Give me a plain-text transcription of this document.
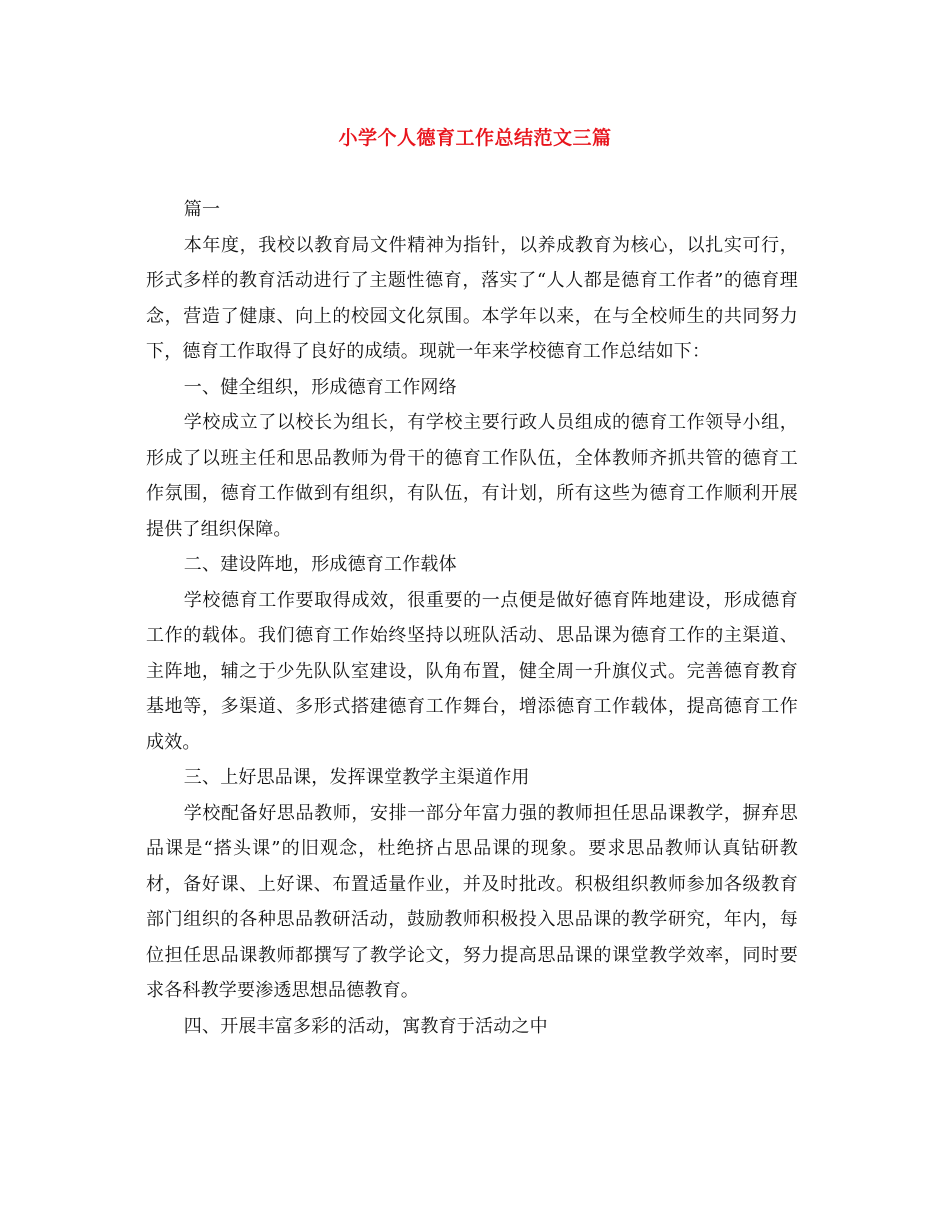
小学个人德育工作总结范文三篇

篇一

本年度，我校以教育局文件精神为指针，以养成教育为核心，以扎实可行，形式多样的教育活动进行了主题性德育，落实了“人人都是德育工作者”的德育理念，营造了健康、向上的校园文化氛围。本学年以来，在与全校师生的共同努力下，德育工作取得了良好的成绩。现就一年来学校德育工作总结如下：

一、健全组织，形成德育工作网络

学校成立了以校长为组长，有学校主要行政人员组成的德育工作领导小组，形成了以班主任和思品教师为骨干的德育工作队伍，全体教师齐抓共管的德育工作氛围，德育工作做到有组织，有队伍，有计划，所有这些为德育工作顺利开展提供了组织保障。

二、建设阵地，形成德育工作载体

学校德育工作要取得成效，很重要的一点便是做好德育阵地建设，形成德育工作的载体。我们德育工作始终坚持以班队活动、思品课为德育工作的主渠道、主阵地，辅之于少先队队室建设，队角布置，健全周一升旗仪式。完善德育教育基地等，多渠道、多形式搭建德育工作舞台，增添德育工作载体，提高德育工作成效。

三、上好思品课，发挥课堂教学主渠道作用

学校配备好思品教师，安排一部分年富力强的教师担任思品课教学，摒弃思品课是“搭头课”的旧观念，杜绝挤占思品课的现象。要求思品教师认真钻研教材，备好课、上好课、布置适量作业，并及时批改。积极组织教师参加各级教育部门组织的各种思品教研活动，鼓励教师积极投入思品课的教学研究，年内，每位担任思品课教师都撰写了教学论文，努力提高思品课的课堂教学效率，同时要求各科教学要渗透思想品德教育。

四、开展丰富多彩的活动，寓教育于活动之中
